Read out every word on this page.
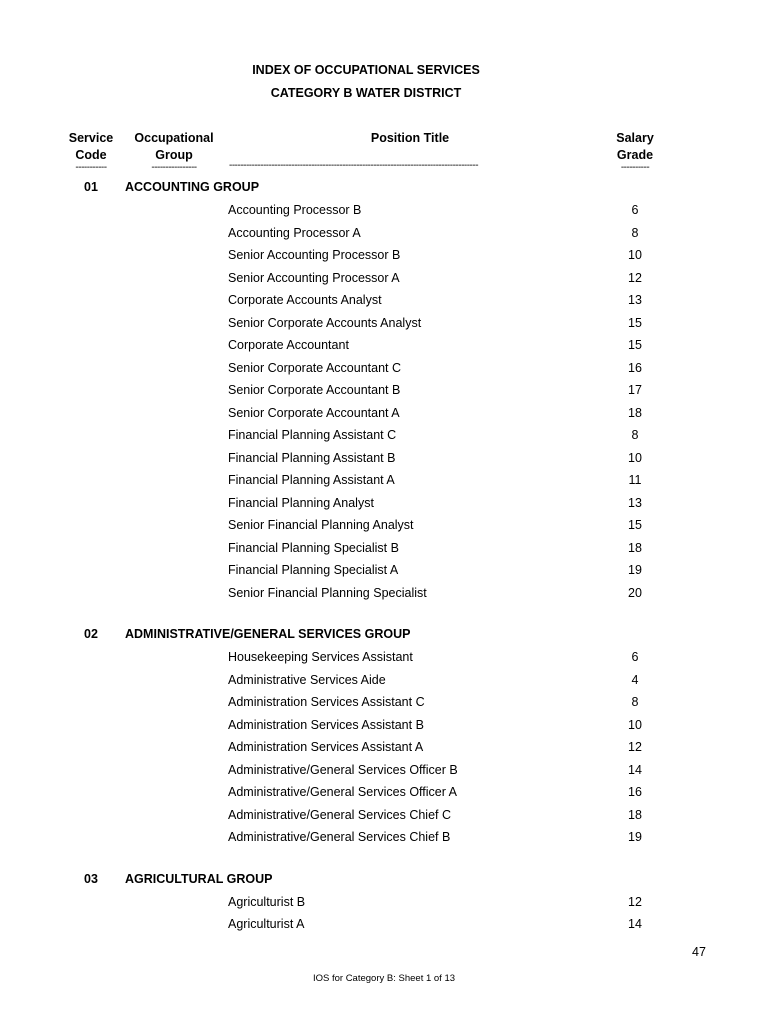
INDEX OF OCCUPATIONAL SERVICES
CATEGORY B WATER DISTRICT
Service
Code
-----------
Occupational
Group
----------------
Position Title
----------------------------------------------------------------------------------------
Salary
Grade
----------
01	ACCOUNTING GROUP
Accounting Processor B	6
Accounting Processor A	8
Senior Accounting Processor B	10
Senior Accounting Processor A	12
Corporate Accounts Analyst	13
Senior Corporate Accounts Analyst	15
Corporate Accountant	15
Senior Corporate Accountant C	16
Senior Corporate Accountant B	17
Senior Corporate Accountant A	18
Financial Planning Assistant C	8
Financial Planning Assistant B	10
Financial Planning Assistant A	11
Financial Planning Analyst	13
Senior Financial Planning Analyst	15
Financial Planning Specialist B	18
Financial Planning Specialist A	19
Senior Financial Planning Specialist	20
02	ADMINISTRATIVE/GENERAL SERVICES GROUP
Housekeeping Services Assistant	6
Administrative Services Aide	4
Administration Services Assistant C	8
Administration Services Assistant B	10
Administration Services Assistant A	12
Administrative/General Services Officer B	14
Administrative/General Services Officer A	16
Administrative/General Services Chief C	18
Administrative/General Services Chief B	19
03	AGRICULTURAL GROUP
Agriculturist B	12
Agriculturist A	14
47
IOS for Category B: Sheet 1 of 13
